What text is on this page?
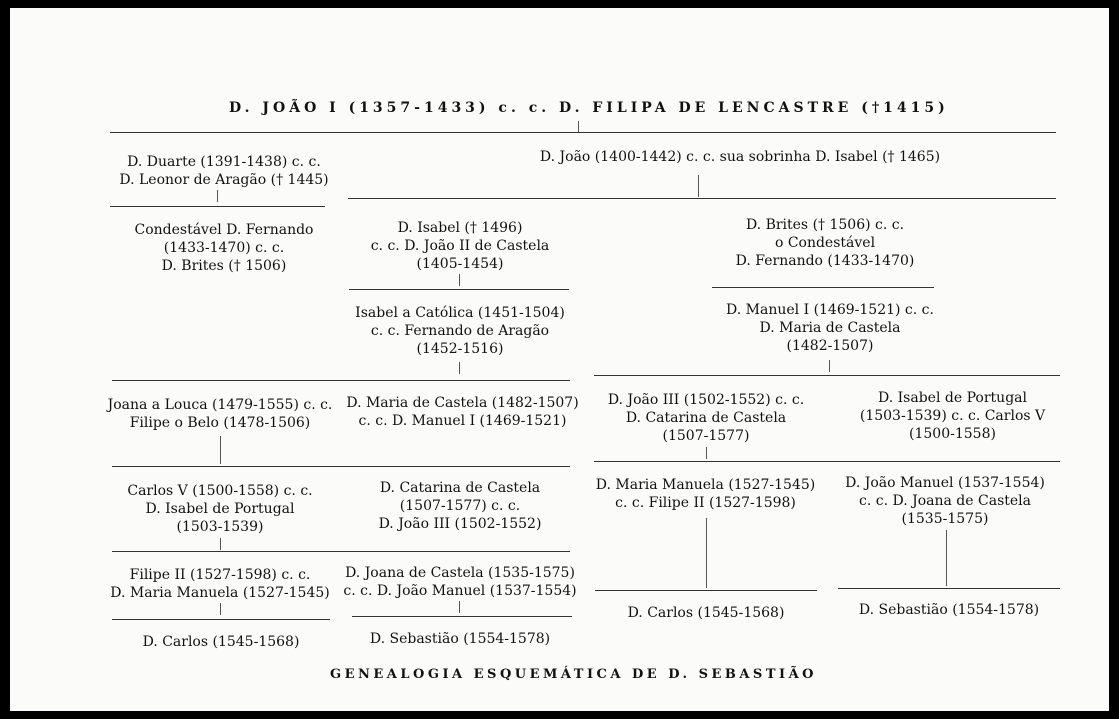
D. JOÃO I (1357-1433) c. c. D. FILIPA DE LENCASTRE (†1415)
D. Duarte (1391-1438) c. c.
D. Leonor de Aragão († 1445)
D. João (1400-1442) c. c. sua sobrinha D. Isabel († 1465)
Condestável D. Fernando
(1433-1470) c. c.
D. Brites († 1506)
D. Isabel († 1496)
c. c. D. João II de Castela
(1405-1454)
D. Brites († 1506) c. c.
o Condestável
D. Fernando (1433-1470)
Isabel a Católica (1451-1504)
c. c. Fernando de Aragão
(1452-1516)
D. Manuel I (1469-1521) c. c.
D. Maria de Castela
(1482-1507)
Joana a Louca (1479-1555) c. c.
Filipe o Belo (1478-1506)
D. Maria de Castela (1482-1507)
c. c. D. Manuel I (1469-1521)
D. João III (1502-1552) c. c.
D. Catarina de Castela
(1507-1577)
D. Isabel de Portugal
(1503-1539) c. c. Carlos V
(1500-1558)
Carlos V (1500-1558) c. c.
D. Isabel de Portugal
(1503-1539)
D. Catarina de Castela
(1507-1577) c. c.
D. João III (1502-1552)
D. Maria Manuela (1527-1545)
c. c. Filipe II (1527-1598)
D. João Manuel (1537-1554)
c. c. D. Joana de Castela
(1535-1575)
Filipe II (1527-1598) c. c.
D. Maria Manuela (1527-1545)
D. Joana de Castela (1535-1575)
c. c. D. João Manuel (1537-1554)
D. Carlos (1545-1568)	D. Sebastião (1554-1578)
D. Carlos (1545-1568)	D. Sebastião (1554-1578)
GENEALOGIA ESQUEMÁTICA DE D. SEBASTIÃO
